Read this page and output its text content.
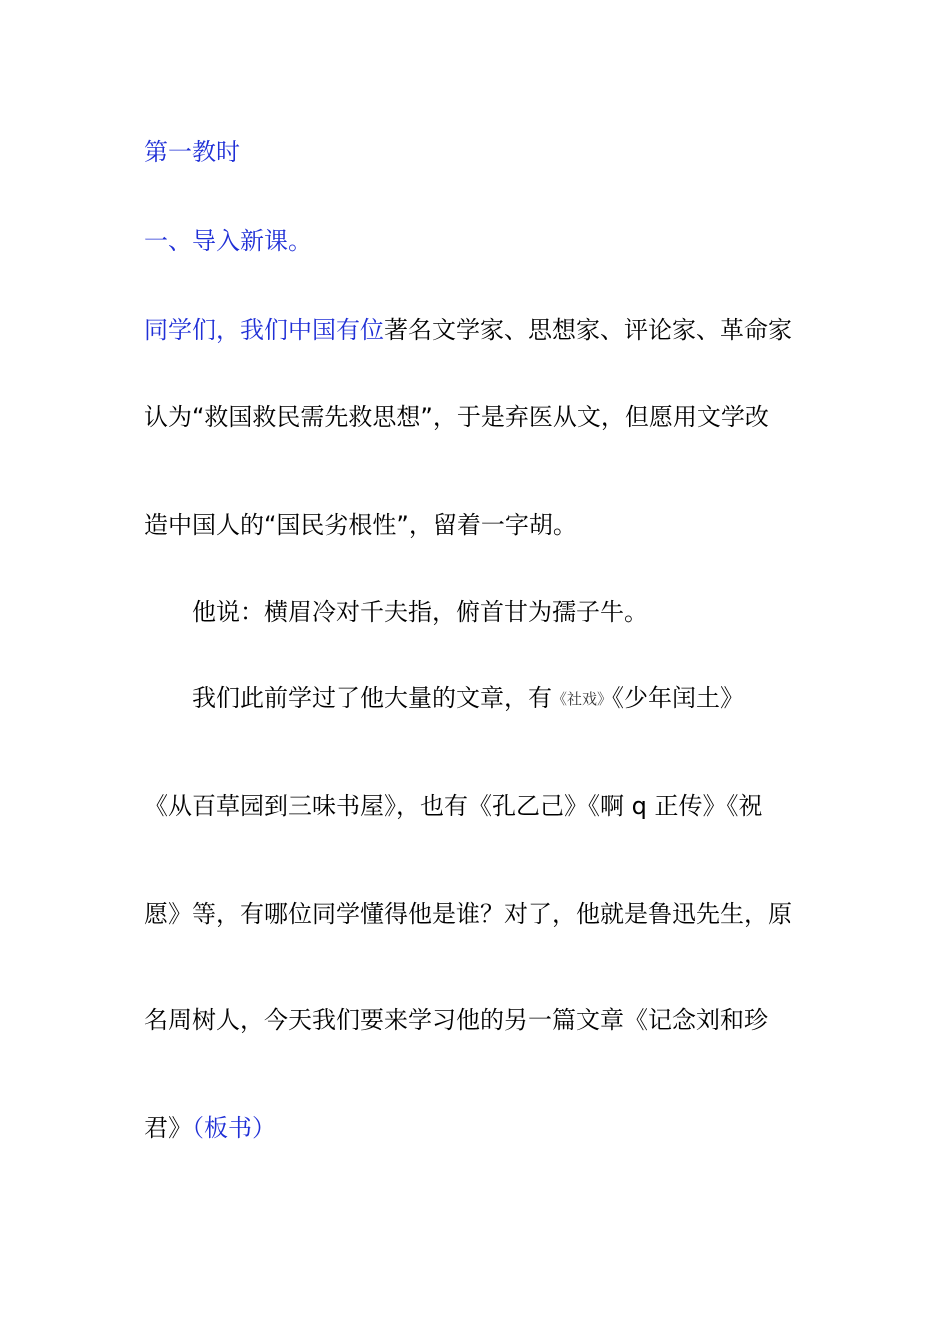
第一教时

一、导入新课。

同学们，我们中国有位著名文学家、思想家、评论家、革命家

认为“救国救民需先救思想”，于是弃医从文，但愿用文学改

造中国人的“国民劣根性”，留着一字胡。

他说：横眉冷对千夫指，俯首甘为孺子牛。

我们此前学过了他大量的文章，有《社戏》《少年闰土》

《从百草园到三味书屋》，也有《孔乙己》《啊 q 正传》《祝

愿》等，有哪位同学懂得他是谁？对了，他就是鲁迅先生，原

名周树人，今天我们要来学习他的另一篇文章《记念刘和珍

君》（板书）
